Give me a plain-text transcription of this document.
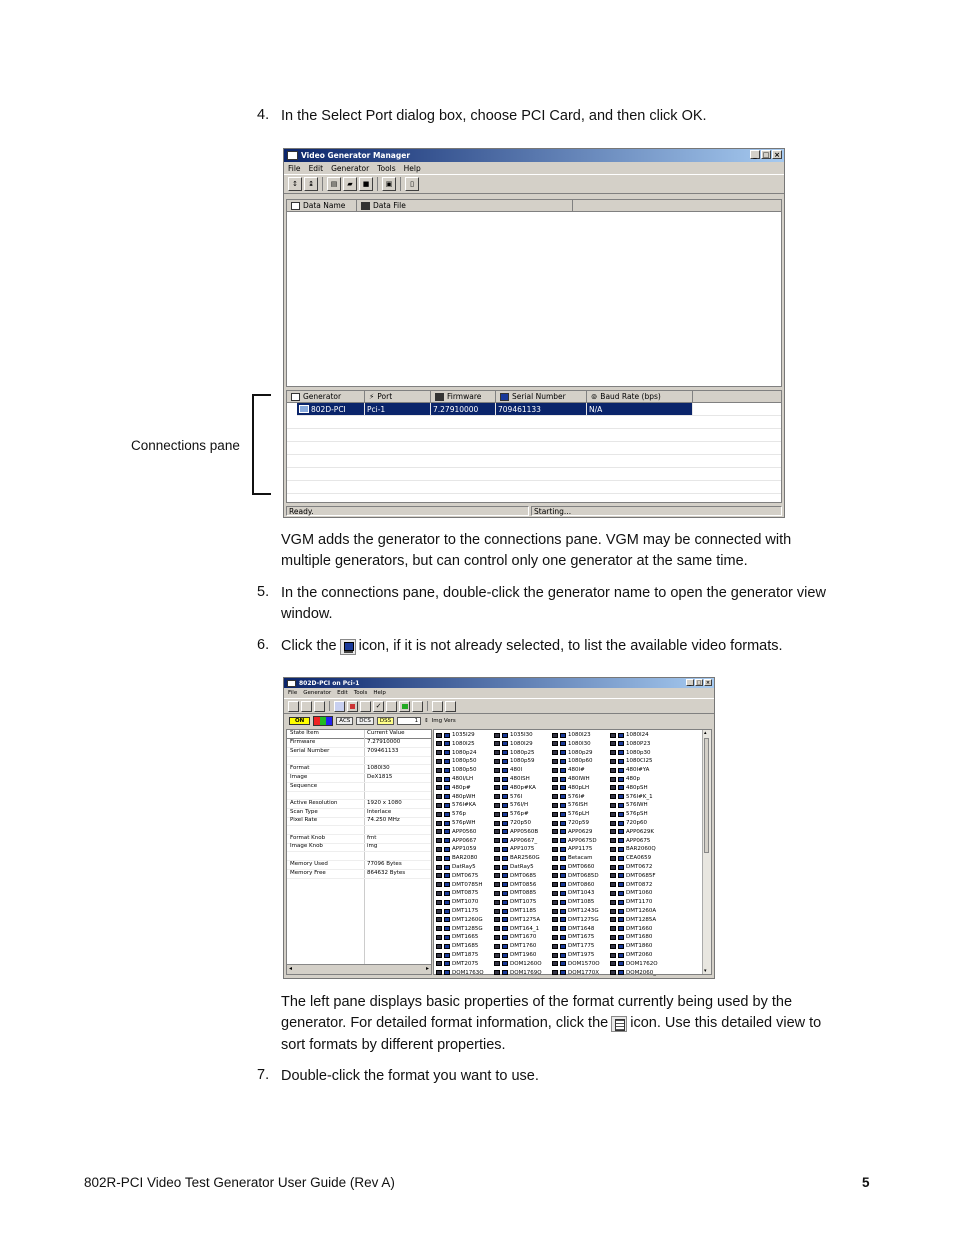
4. In the Select Port dialog box, choose PCI Card, and then click OK.
Connections pane
Video Generator Manager	_ □ ×
File Edit Generator Tools Help
↕	↨	▤	▰	■	▣	▯
Data Name	Data File
Generator	⚡ Port	Firmware	Serial Number	⊚ Baud Rate (bps)
802D-PCI	Pci-1	7.27910000	709461133	N/A
Ready.	Starting...
VGM adds the generator to the connections pane. VGM may be connected with
multiple generators, but can control only one generator at the same time.
5. In the connections pane, double-click the generator name to open the generator view
window.
6. Click the icon, if it is not already selected, to list the available video formats.
802D-PCI on Pci-1	_	□ ×
File Generator Edit Tools Help
✓
ON	ACS	DCS	DSS	1	⇕ Img Vers
State Item	Current Value
◂	▸
Firmware	7.27910000
Serial Number	709461133
Format	1080I30
Image	DeX1815
Sequence
Active Resolution	1920 x 1080
Scan Type	Interlace
Pixel Rate	74.250 MHz
Format Knob	fmt
Image Knob	img
Memory Used	77096 Bytes
Memory Free	864632 Bytes
▴
▾
1035I29	1035I30	1080I23	1080I24
1080I25	1080I29	1080I30	1080P23
1080p24	1080p25	1080p29	1080p30
1080p50	1080p59	1080p60	1080CI25
1080p50	480I	480I#	480I#YA
480I/LH	480ISH	480IWH	480p
480p#	480p#KA	480pLH	480pSH
480pWH	576I	576I#	576I#K_1
576I#KA	576I/H	576ISH	576IWH
576p	576p#	576pLH	576pSH
576pWH	720p50	720p59	720p60
APP0560	APP0560B	APP0629	APP0629K
APP0667	APP0667_	APP0675D	APP0675
APP1059	APP1075	APP1175	BAR2060Q
BAR2080	BAR2560G	Betacam	CEA0659
DatRay5	DatRay5	DMT0660	DMT0672
DMT0675	DMT0685	DMT0685D	DMT0685F
DMT0785H	DMT0856	DMT0860	DMT0872
DMT0875	DMT0885	DMT1043	DMT1060
DMT1070	DMT1075	DMT1085	DMT1170
DMT1175	DMT1185	DMT1243G	DMT1260A
DMT1260G	DMT1275A	DMT1275G	DMT1285A
DMT1285G	DMT164_1	DMT1648	DMT1660
DMT1665	DMT1670	DMT1675	DMT1680
DMT1685	DMT1760	DMT1775	DMT1860
DMT1875	DMT1960	DMT1975	DMT2060
DMT2075	DOM1260O	DOM1570O	DOM1762O
DOM1763O	DOM1769O	DOM1770X	DOM2060_
The left pane displays basic properties of the format currently being used by the
generator. For detailed format information, click the icon. Use this detailed view to
sort formats by different properties.
7. Double-click the format you want to use.
802R-PCI Video Test Generator User Guide (Rev A)	5
